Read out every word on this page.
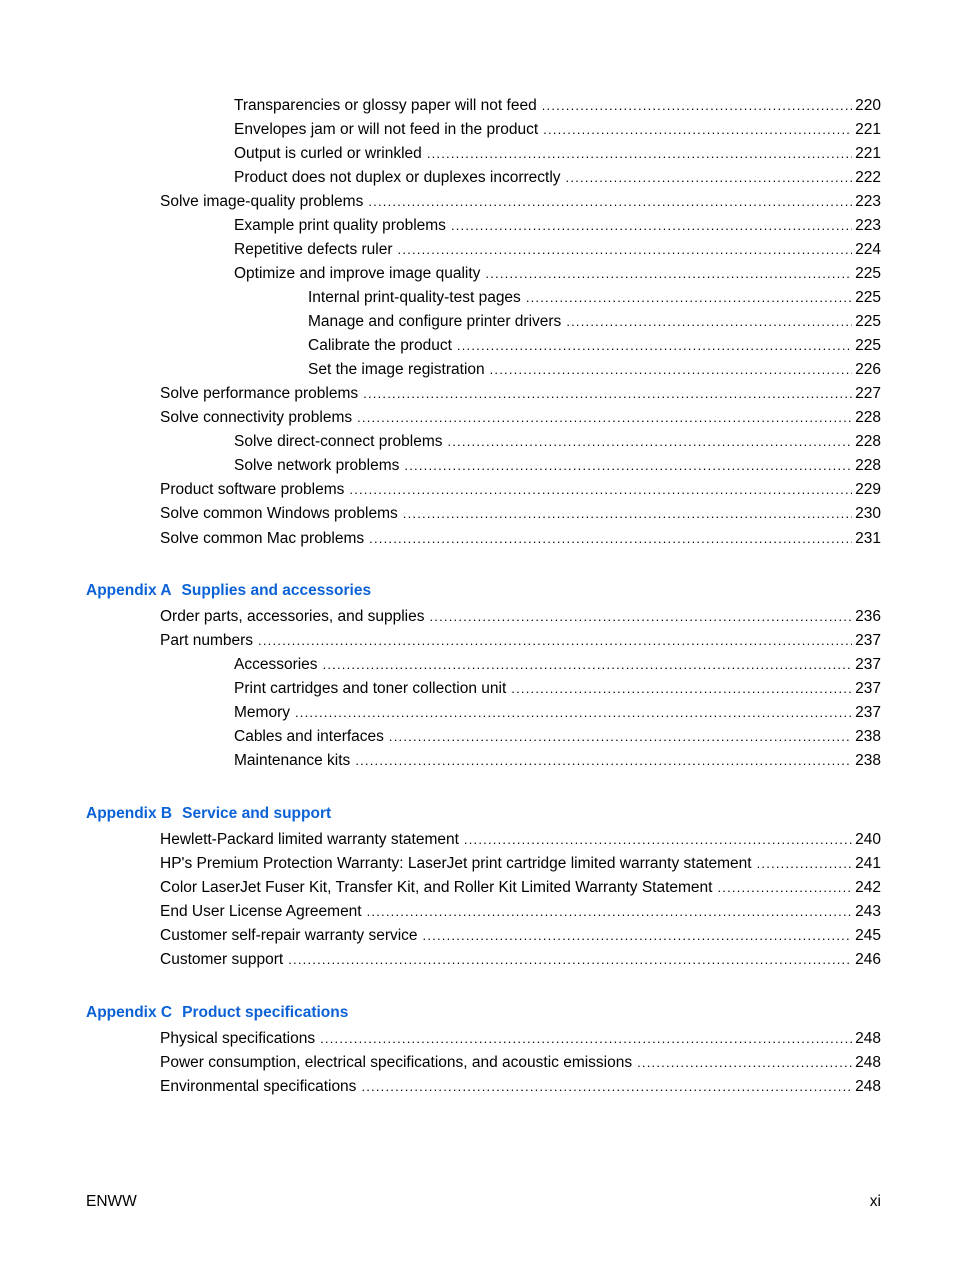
Transparencies or glossy paper will not feed .....	220
Envelopes jam or will not feed in the product .....	221
Output is curled or wrinkled .....	221
Product does not duplex or duplexes incorrectly .....	222
Solve image-quality problems .....	223
Example print quality problems .....	223
Repetitive defects ruler .....	224
Optimize and improve image quality .....	225
Internal print-quality-test pages .....	225
Manage and configure printer drivers .....	225
Calibrate the product .....	225
Set the image registration .....	226
Solve performance problems .....	227
Solve connectivity problems .....	228
Solve direct-connect problems .....	228
Solve network problems .....	228
Product software problems .....	229
Solve common Windows problems .....	230
Solve common Mac problems .....	231
Appendix A Supplies and accessories
Order parts, accessories, and supplies .....	236
Part numbers .....	237
Accessories .....	237
Print cartridges and toner collection unit .....	237
Memory .....	237
Cables and interfaces .....	238
Maintenance kits .....	238
Appendix B Service and support
Hewlett-Packard limited warranty statement .....	240
HP's Premium Protection Warranty: LaserJet print cartridge limited warranty statement .....	241
Color LaserJet Fuser Kit, Transfer Kit, and Roller Kit Limited Warranty Statement .....	242
End User License Agreement .....	243
Customer self-repair warranty service .....	245
Customer support .....	246
Appendix C Product specifications
Physical specifications .....	248
Power consumption, electrical specifications, and acoustic emissions .....	248
Environmental specifications .....	248
ENWW	xi
